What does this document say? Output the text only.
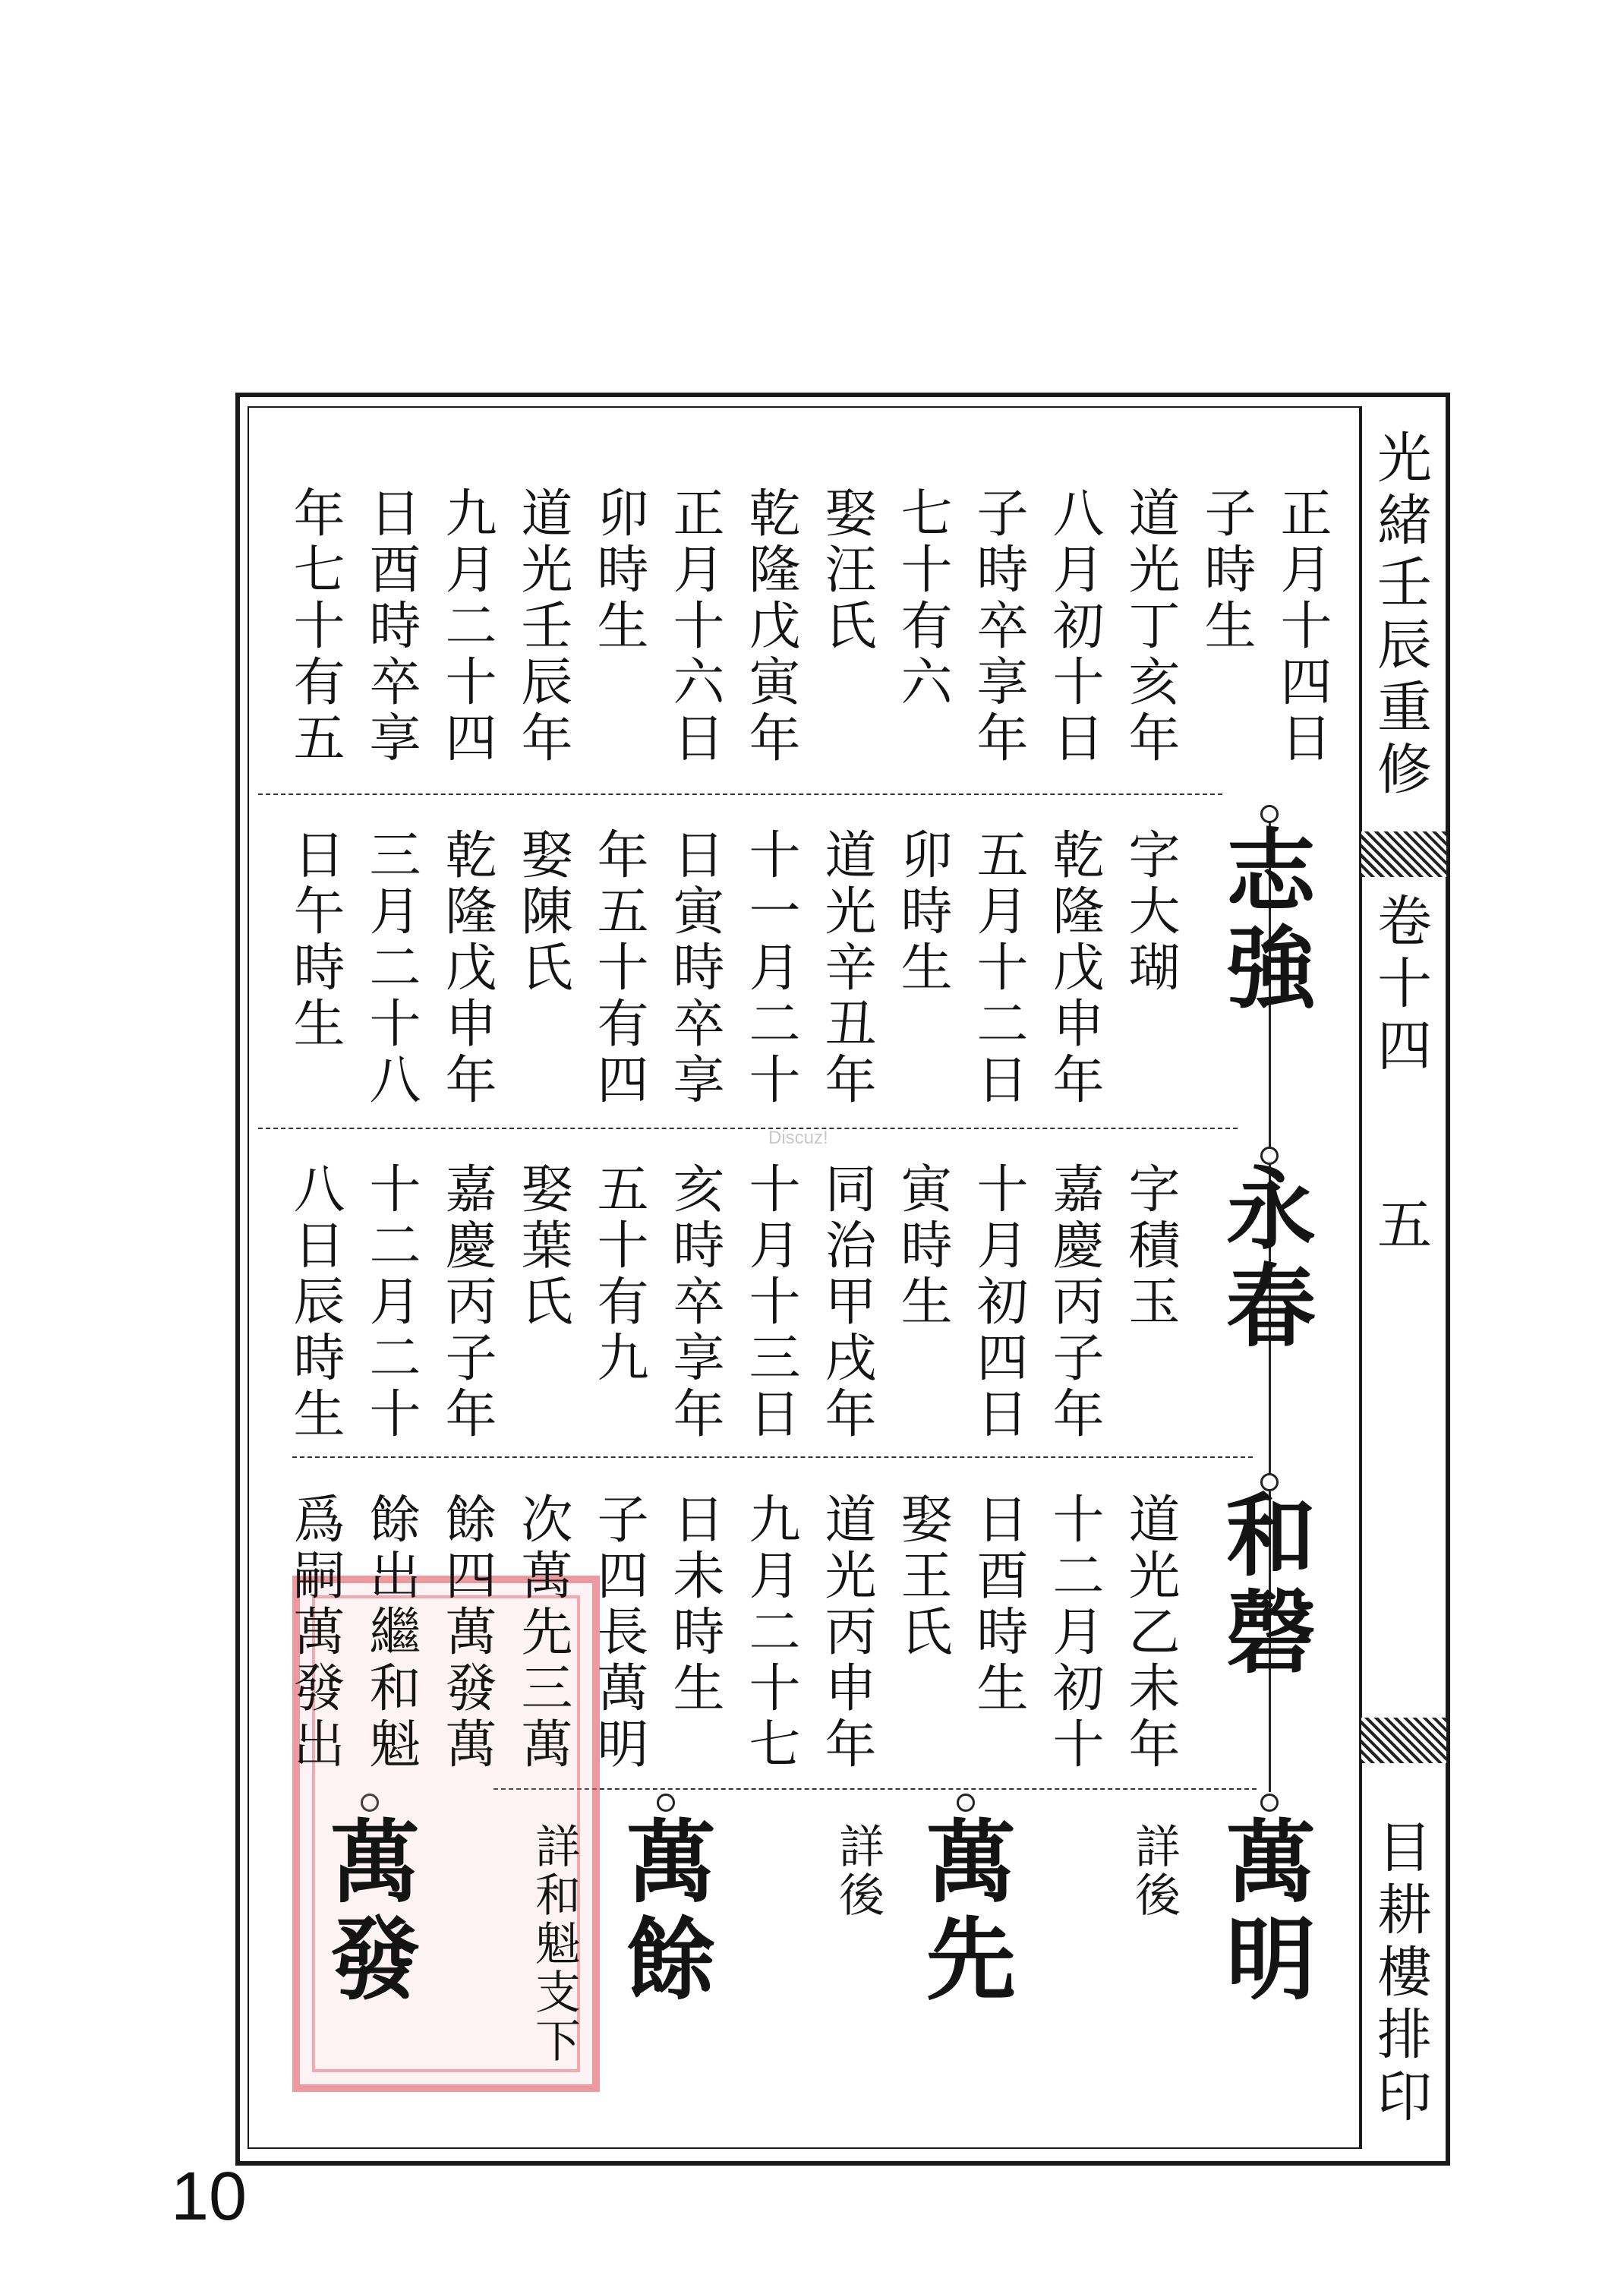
光緒壬辰重修
卷十四
五
目耕樓排印
正月十四日
子時生
道光丁亥年
八月初十日
子時卒享年
七十有六
娶汪氏
乾隆戊寅年
正月十六日
卯時生
道光壬辰年
九月二十四
日酉時卒享
年七十有五
志強
字大瑚
乾隆戊申年
五月十二日
卯時生
道光辛丑年
十一月二十
日寅時卒享
年五十有四
娶陳氏
乾隆戊申年
三月二十八
日午時生
永春
字積玉
嘉慶丙子年
十月初四日
寅時生
同治甲戌年
十月十三日
亥時卒享年
五十有九
娶葉氏
嘉慶丙子年
十二月二十
八日辰時生
和磬
道光乙未年
十二月初十
日酉時生
娶王氏
道光丙申年
九月二十七
日未時生
子四長萬明
次萬先三萬
餘四萬發萬
餘出繼和魁
爲嗣萬發出
萬明
詳後
萬先
詳後
萬餘
詳和魁支下
萬發
Discuz!
10
